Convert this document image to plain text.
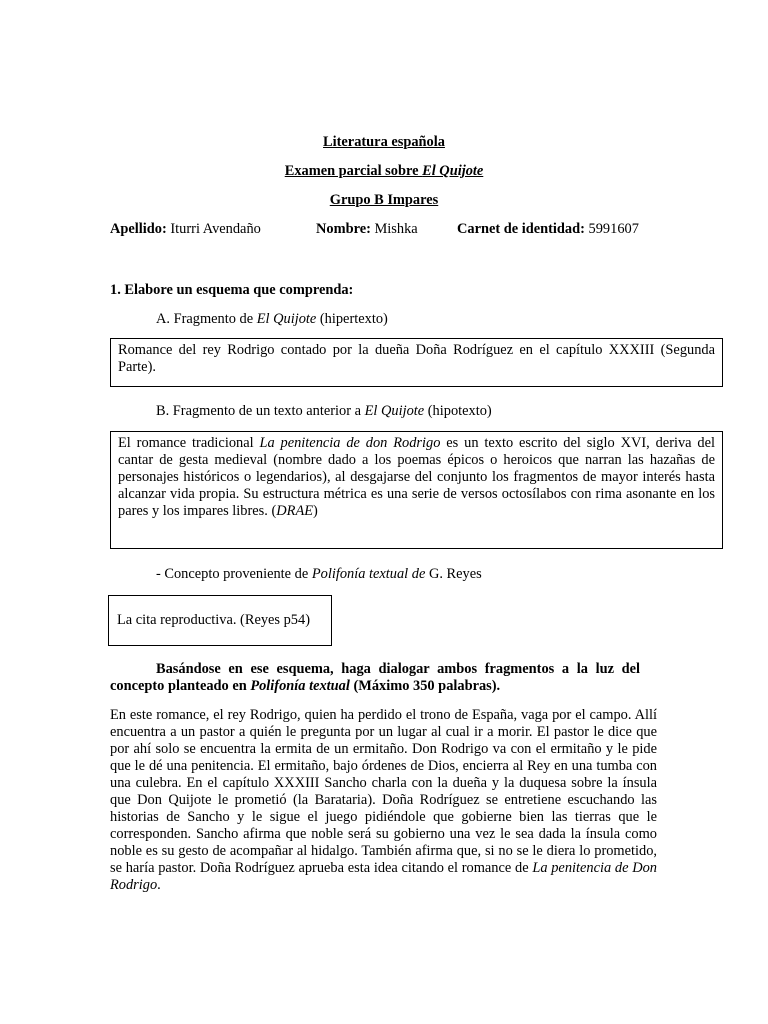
Literatura española
Examen parcial sobre El Quijote
Grupo B Impares
Apellido: Iturri Avendaño	Nombre: Mishka	Carnet de identidad: 5991607
1. Elabore un esquema que comprenda:
A. Fragmento de El Quijote (hipertexto)
Romance del rey Rodrigo contado por la dueña Doña Rodríguez en el capítulo XXXIII (Segunda Parte).
B. Fragmento de un texto anterior a El Quijote (hipotexto)
El romance tradicional La penitencia de don Rodrigo es un texto escrito del siglo XVI, deriva del cantar de gesta medieval (nombre dado a los poemas épicos o heroicos que narran las hazañas de personajes históricos o legendarios), al desgajarse del conjunto los fragmentos de mayor interés hasta alcanzar vida propia. Su estructura métrica es una serie de versos octosílabos con rima asonante en los pares y los impares libres. (DRAE)
- Concepto proveniente de Polifonía textual de G. Reyes
La cita reproductiva. (Reyes p54)
Basándose en ese esquema, haga dialogar ambos fragmentos a la luz del concepto planteado en Polifonía textual (Máximo 350 palabras).
En este romance, el rey Rodrigo, quien ha perdido el trono de España, vaga por el campo. Allí encuentra a un pastor a quién le pregunta por un lugar al cual ir a morir. El pastor le dice que por ahí solo se encuentra la ermita de un ermitaño. Don Rodrigo va con el ermitaño y le pide que le dé una penitencia. El ermitaño, bajo órdenes de Dios, encierra al Rey en una tumba con una culebra. En el capítulo XXXIII Sancho charla con la dueña y la duquesa sobre la ínsula que Don Quijote le prometió (la Barataria). Doña Rodríguez se entretiene escuchando las historias de Sancho y le sigue el juego pidiéndole que gobierne bien las tierras que le corresponden. Sancho afirma que noble será su gobierno una vez le sea dada la ínsula como noble es su gesto de acompañar al hidalgo. También afirma que, si no se le diera lo prometido, se haría pastor. Doña Rodríguez aprueba esta idea citando el romance de La penitencia de Don Rodrigo.
